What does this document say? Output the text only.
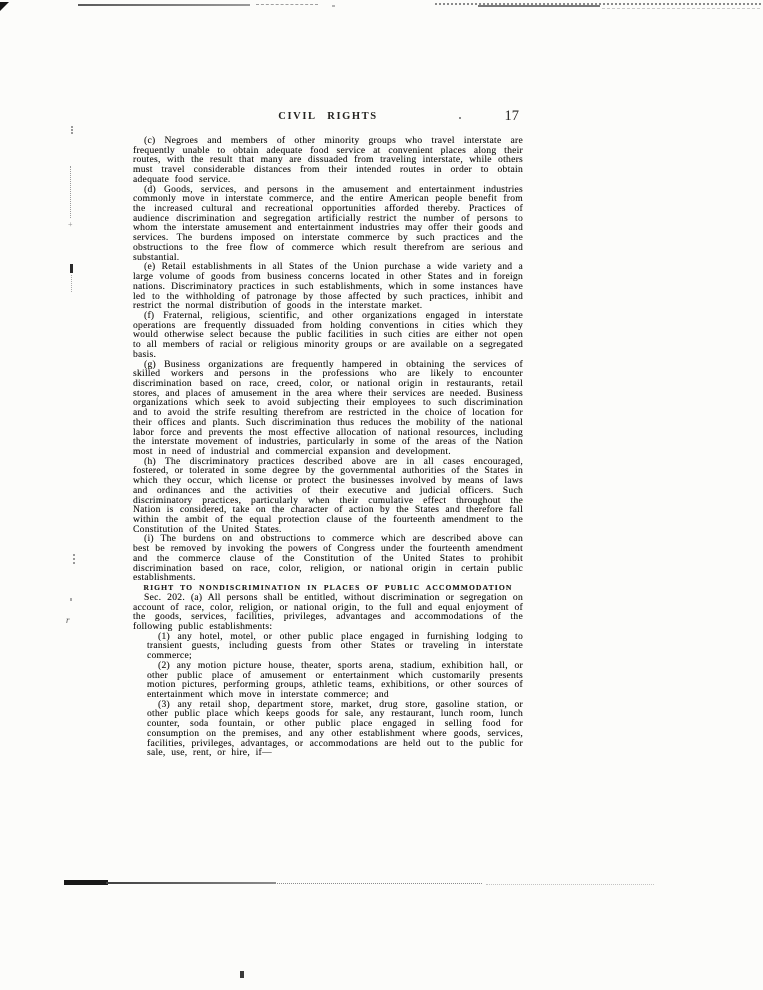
+
r
CIVIL RIGHTS	17

(c) Negroes and members of other minority groups who travel interstate are frequently unable to obtain adequate food service at convenient places along their routes, with the result that many are dissuaded from traveling interstate, while others must travel considerable distances from their intended routes in order to obtain adequate food service.

(d) Goods, services, and persons in the amusement and entertainment industries commonly move in interstate commerce, and the entire American people benefit from the increased cultural and recreational opportunities afforded thereby. Practices of audience discrimination and segregation artificially restrict the number of persons to whom the interstate amusement and entertainment industries may offer their goods and services. The burdens imposed on interstate commerce by such practices and the obstructions to the free flow of commerce which result therefrom are serious and substantial.

(e) Retail establishments in all States of the Union purchase a wide variety and a large volume of goods from business concerns located in other States and in foreign nations. Discriminatory practices in such establishments, which in some instances have led to the withholding of patronage by those affected by such practices, inhibit and restrict the normal distribution of goods in the interstate market.

(f) Fraternal, religious, scientific, and other organizations engaged in interstate operations are frequently dissuaded from holding conventions in cities which they would otherwise select because the public facilities in such cities are either not open to all members of racial or religious minority groups or are available on a segregated basis.

(g) Business organizations are frequently hampered in obtaining the services of skilled workers and persons in the professions who are likely to encounter discrimination based on race, creed, color, or national origin in restaurants, retail stores, and places of amusement in the area where their services are needed. Business organizations which seek to avoid subjecting their employees to such discrimination and to avoid the strife resulting therefrom are restricted in the choice of location for their offices and plants. Such discrimination thus reduces the mobility of the national labor force and prevents the most effective allocation of national resources, including the interstate movement of industries, particularly in some of the areas of the Nation most in need of industrial and commercial expansion and development.

(h) The discriminatory practices described above are in all cases encouraged, fostered, or tolerated in some degree by the governmental authorities of the States in which they occur, which license or protect the businesses involved by means of laws and ordinances and the activities of their executive and judicial officers. Such discriminatory practices, particularly when their cumulative effect throughout the Nation is considered, take on the character of action by the States and therefore fall within the ambit of the equal protection clause of the fourteenth amendment to the Constitution of the United States.

(i) The burdens on and obstructions to commerce which are described above can best be removed by invoking the powers of Congress under the fourteenth amendment and the commerce clause of the Constitution of the United States to prohibit discrimination based on race, color, religion, or national origin in certain public establishments.

RIGHT TO NONDISCRIMINATION IN PLACES OF PUBLIC ACCOMMODATION

Sec. 202. (a) All persons shall be entitled, without discrimination or segregation on account of race, color, religion, or national origin, to the full and equal enjoyment of the goods, services, facilities, privileges, advantages and accommodations of the following public establishments:

(1) any hotel, motel, or other public place engaged in furnishing lodging to transient guests, including guests from other States or traveling in interstate commerce;

(2) any motion picture house, theater, sports arena, stadium, exhibition hall, or other public place of amusement or entertainment which customarily presents motion pictures, performing groups, athletic teams, exhibitions, or other sources of entertainment which move in interstate commerce; and

(3) any retail shop, department store, market, drug store, gasoline station, or other public place which keeps goods for sale, any restaurant, lunch room, lunch counter, soda fountain, or other public place engaged in selling food for consumption on the premises, and any other establishment where goods, services, facilities, privileges, advantages, or accommodations are held out to the public for sale, use, rent, or hire, if—
